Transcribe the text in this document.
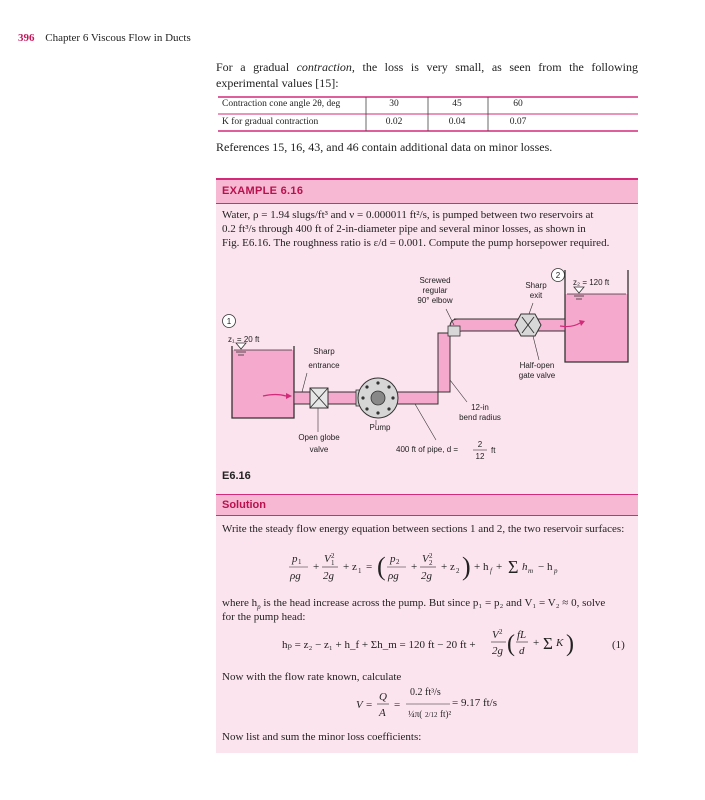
396 Chapter 6 Viscous Flow in Ducts
For a gradual contraction, the loss is very small, as seen from the following experimental values [15]:
Contraction cone angle 2θ, deg	30	45	60
K for gradual contraction	0.02	0.04	0.07
References 15, 16, 43, and 46 contain additional data on minor losses.
EXAMPLE 6.16
Water, ρ = 1.94 slugs/ft³ and ν = 0.000011 ft²/s, is pumped between two reservoirs at
0.2 ft³/s through 400 ft of 2-in-diameter pipe and several minor losses, as shown in
Fig. E6.16. The roughness ratio is ε/d = 0.001. Compute the pump horsepower required.
1
2
z₁ = 20 ft
z₂ = 120 ft
Screwed
regular
90° elbow
Sharp
exit
Sharp
entrance	Half-open
gate valve
12-in
bend radius
Pump
Open globe
valve	400 ft of pipe, d =
2
12
ft
E6.16
Solution
Write the steady flow energy equation between sections 1 and 2, the two reservoir surfaces:
p 1
ρg
+
V 2
1
2g
+ z 1 = ( p 2
ρg
+
V 2
2
2g
+ z 2 ) + h f + Σ h m − h p
where $h_p$ is the head increase across the pump. But since p₁ = p₂ and V₁ = V₂ ≈ 0, solve
for the pump head:
hₚ = z₂ − z₁ + h_f + Σh_m = 120 ft − 20 ft +
V 2
2g ( fL
d
+ Σ K )	(1)
Now with the flow rate known, calculate
V =
Q
A
=
¼π( 2/12 ft)²
0.2 ft³/s
= 9.17 ft/s
Now list and sum the minor loss coefficients:
